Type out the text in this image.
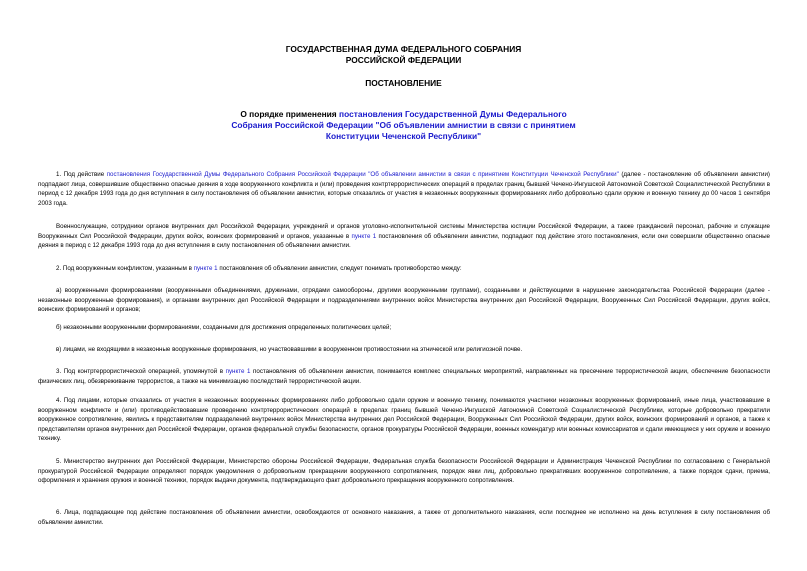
ГОСУДАРСТВЕННАЯ ДУМА ФЕДЕРАЛЬНОГО СОБРАНИЯ
РОССИЙСКОЙ ФЕДЕРАЦИИ
ПОСТАНОВЛЕНИЕ
О порядке применения постановления Государственной Думы Федерального Собрания Российской Федерации "Об объявлении амнистии в связи с принятием Конституции Чеченской Республики"

1. Под действие постановления Государственной Думы Федерального Собрания Российской Федерации "Об объявлении амнистии в связи с принятием Конституции Чеченской Республики" (далее - постановление об объявлении амнистии) подпадают лица, совершившие общественно опасные деяния в ходе вооруженного конфликта и (или) проведения контртеррористических операций в пределах границ бывшей Чечено-Ингушской Автономной Советской Социалистической Республики в период с 12 декабря 1993 года до дня вступления в силу постановления об объявлении амнистии, которые отказались от участия в незаконных вооруженных формированиях либо добровольно сдали оружие и военную технику до 00 часов 1 сентября 2003 года.

Военнослужащие, сотрудники органов внутренних дел Российской Федерации, учреждений и органов уголовно-исполнительной системы Министерства юстиции Российской Федерации, а также гражданский персонал, рабочие и служащие Вооруженных Сил Российской Федерации, других войск, воинских формирований и органов, указанные в пункте 1 постановления об объявлении амнистии, подпадают под действие этого постановления, если они совершили общественно опасные деяния в период с 12 декабря 1993 года до дня вступления в силу постановления об объявлении амнистии.

2. Под вооруженным конфликтом, указанным в пункте 1 постановления об объявлении амнистии, следует понимать противоборство между:

а) вооруженными формированиями (вооруженными объединениями, дружинами, отрядами самообороны, другими вооруженными группами), созданными и действующими в нарушение законодательства Российской Федерации (далее - незаконные вооруженные формирования), и органами внутренних дел Российской Федерации и подразделениями внутренних войск Министерства внутренних дел Российской Федерации, Вооруженных Сил Российской Федерации, других войск, воинских формирований и органов;

б) незаконными вооруженными формированиями, созданными для достижения определенных политических целей;

в) лицами, не входящими в незаконные вооруженные формирования, но участвовавшими в вооруженном противостоянии на этнической или религиозной почве.

3. Под контртеррористической операцией, упомянутой в пункте 1 постановления об объявлении амнистии, понимается комплекс специальных мероприятий, направленных на пресечение террористической акции, обеспечение безопасности физических лиц, обезвреживание террористов, а также на минимизацию последствий террористической акции.

4. Под лицами, которые отказались от участия в незаконных вооруженных формированиях либо добровольно сдали оружие и военную технику, понимаются участники незаконных вооруженных формирований, иные лица, участвовавшие в вооруженном конфликте и (или) противодействовавшие проведению контртеррористических операций в пределах границ бывшей Чечено-Ингушской Автономной Советской Социалистической Республики, которые добровольно прекратили вооруженное сопротивление, явились к представителям подразделений внутренних войск Министерства внутренних дел Российской Федерации, Вооруженных Сил Российской Федерации, других войск, воинских формирований и органов, а также к представителям органов внутренних дел Российской Федерации, органов федеральной службы безопасности, органов прокуратуры Российской Федерации, военных комендатур или военных комиссариатов и сдали имеющиеся у них оружие и военную технику.

5. Министерство внутренних дел Российской Федерации, Министерство обороны Российской Федерации, Федеральная служба безопасности Российской Федерации и Администрация Чеченской Республики по согласованию с Генеральной прокуратурой Российской Федерации определяют порядок уведомления о добровольном прекращении вооруженного сопротивления, порядок явки лиц, добровольно прекративших вооруженное сопротивление, а также порядок сдачи, приема, оформления и хранения оружия и военной техники, порядок выдачи документа, подтверждающего факт добровольного прекращения вооруженного сопротивления.

6. Лица, подпадающие под действие постановления об объявлении амнистии, освобождаются от основного наказания, а также от дополнительного наказания, если последнее не исполнено на день вступления в силу постановления об объявлении амнистии.
